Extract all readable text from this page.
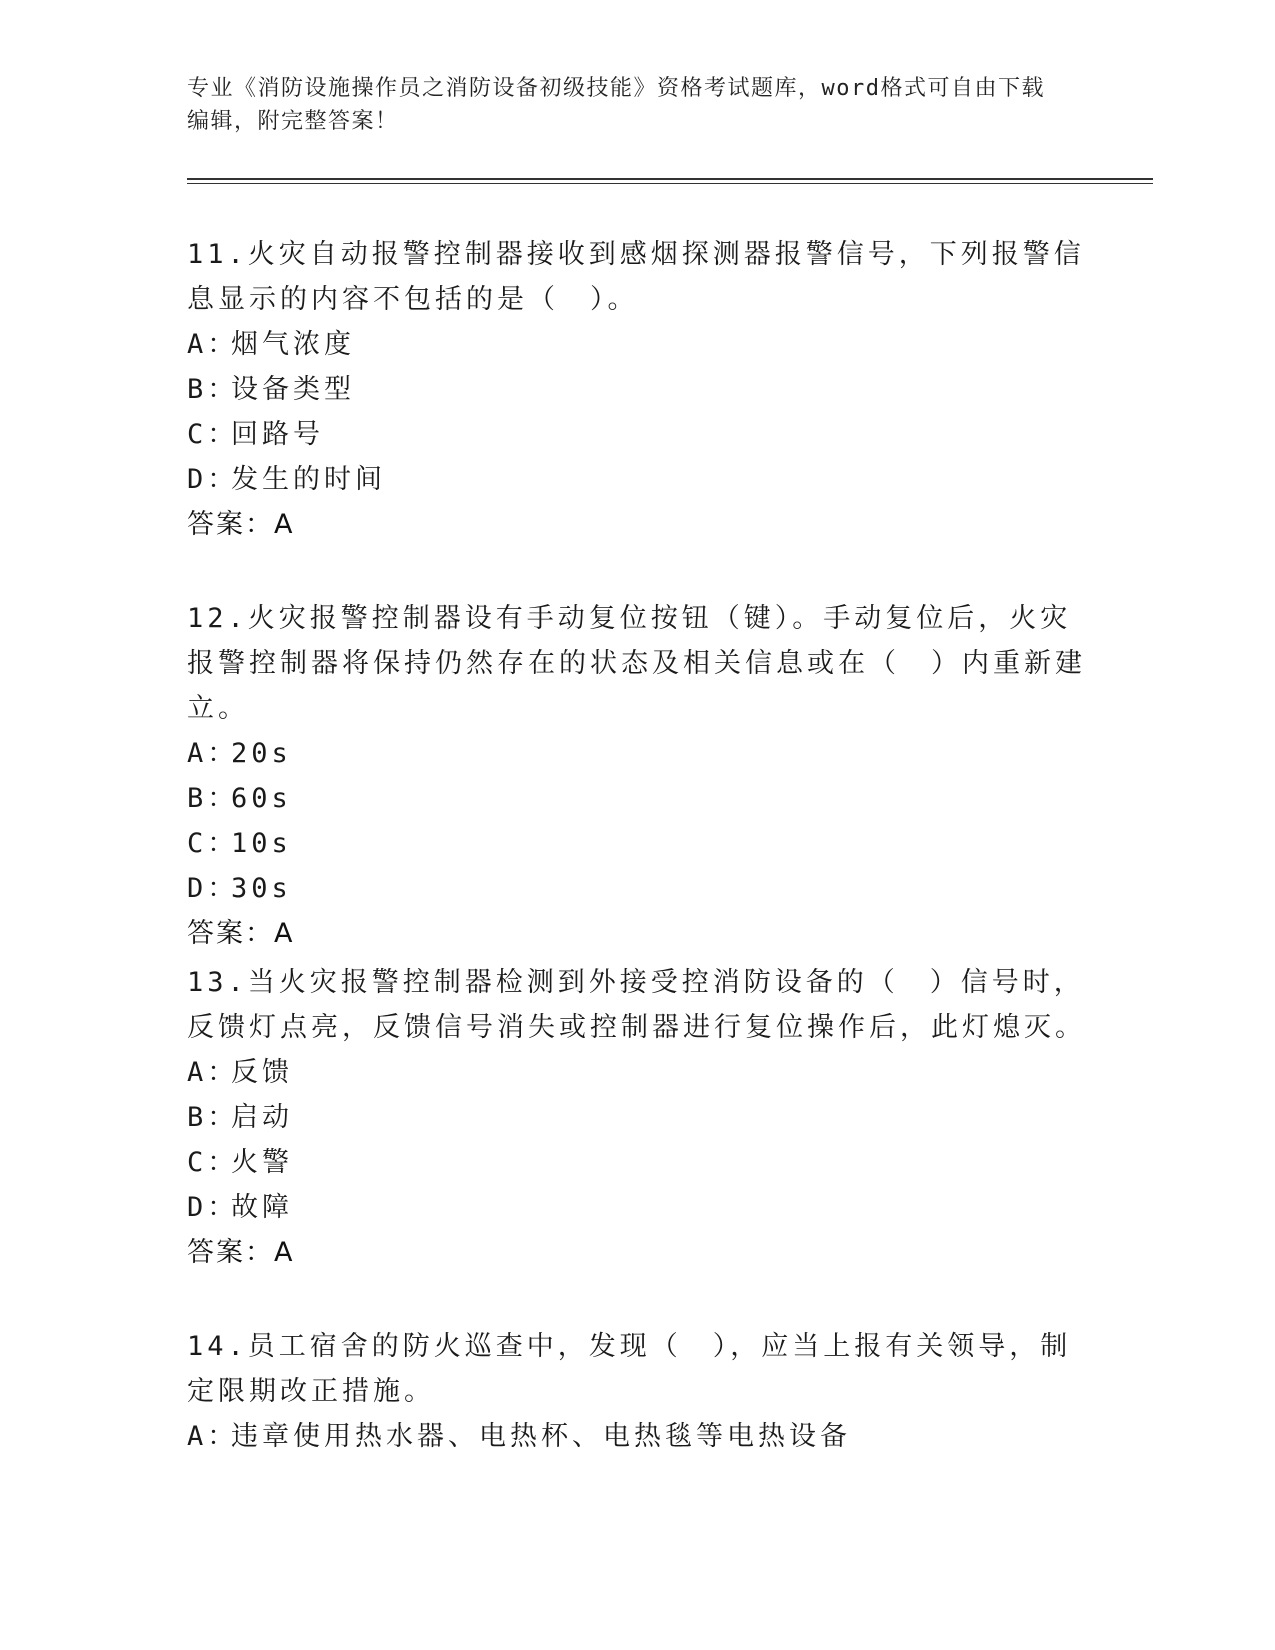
专业《消防设施操作员之消防设备初级技能》资格考试题库，word格式可自由下载编辑，附完整答案！

11.火灾自动报警控制器接收到感烟探测器报警信号，下列报警信息显示的内容不包括的是（　）。

A：烟气浓度

B：设备类型

C：回路号

D：发生的时间

答案：A

12.火灾报警控制器设有手动复位按钮（键）。手动复位后，火灾报警控制器将保持仍然存在的状态及相关信息或在（　）内重新建立。

A：20s

B：60s

C：10s

D：30s

答案：A

13.当火灾报警控制器检测到外接受控消防设备的（　）信号时，反馈灯点亮，反馈信号消失或控制器进行复位操作后，此灯熄灭。

A：反馈

B：启动

C：火警

D：故障

答案：A

14.员工宿舍的防火巡查中，发现（　），应当上报有关领导，制定限期改正措施。

A：违章使用热水器、电热杯、电热毯等电热设备
